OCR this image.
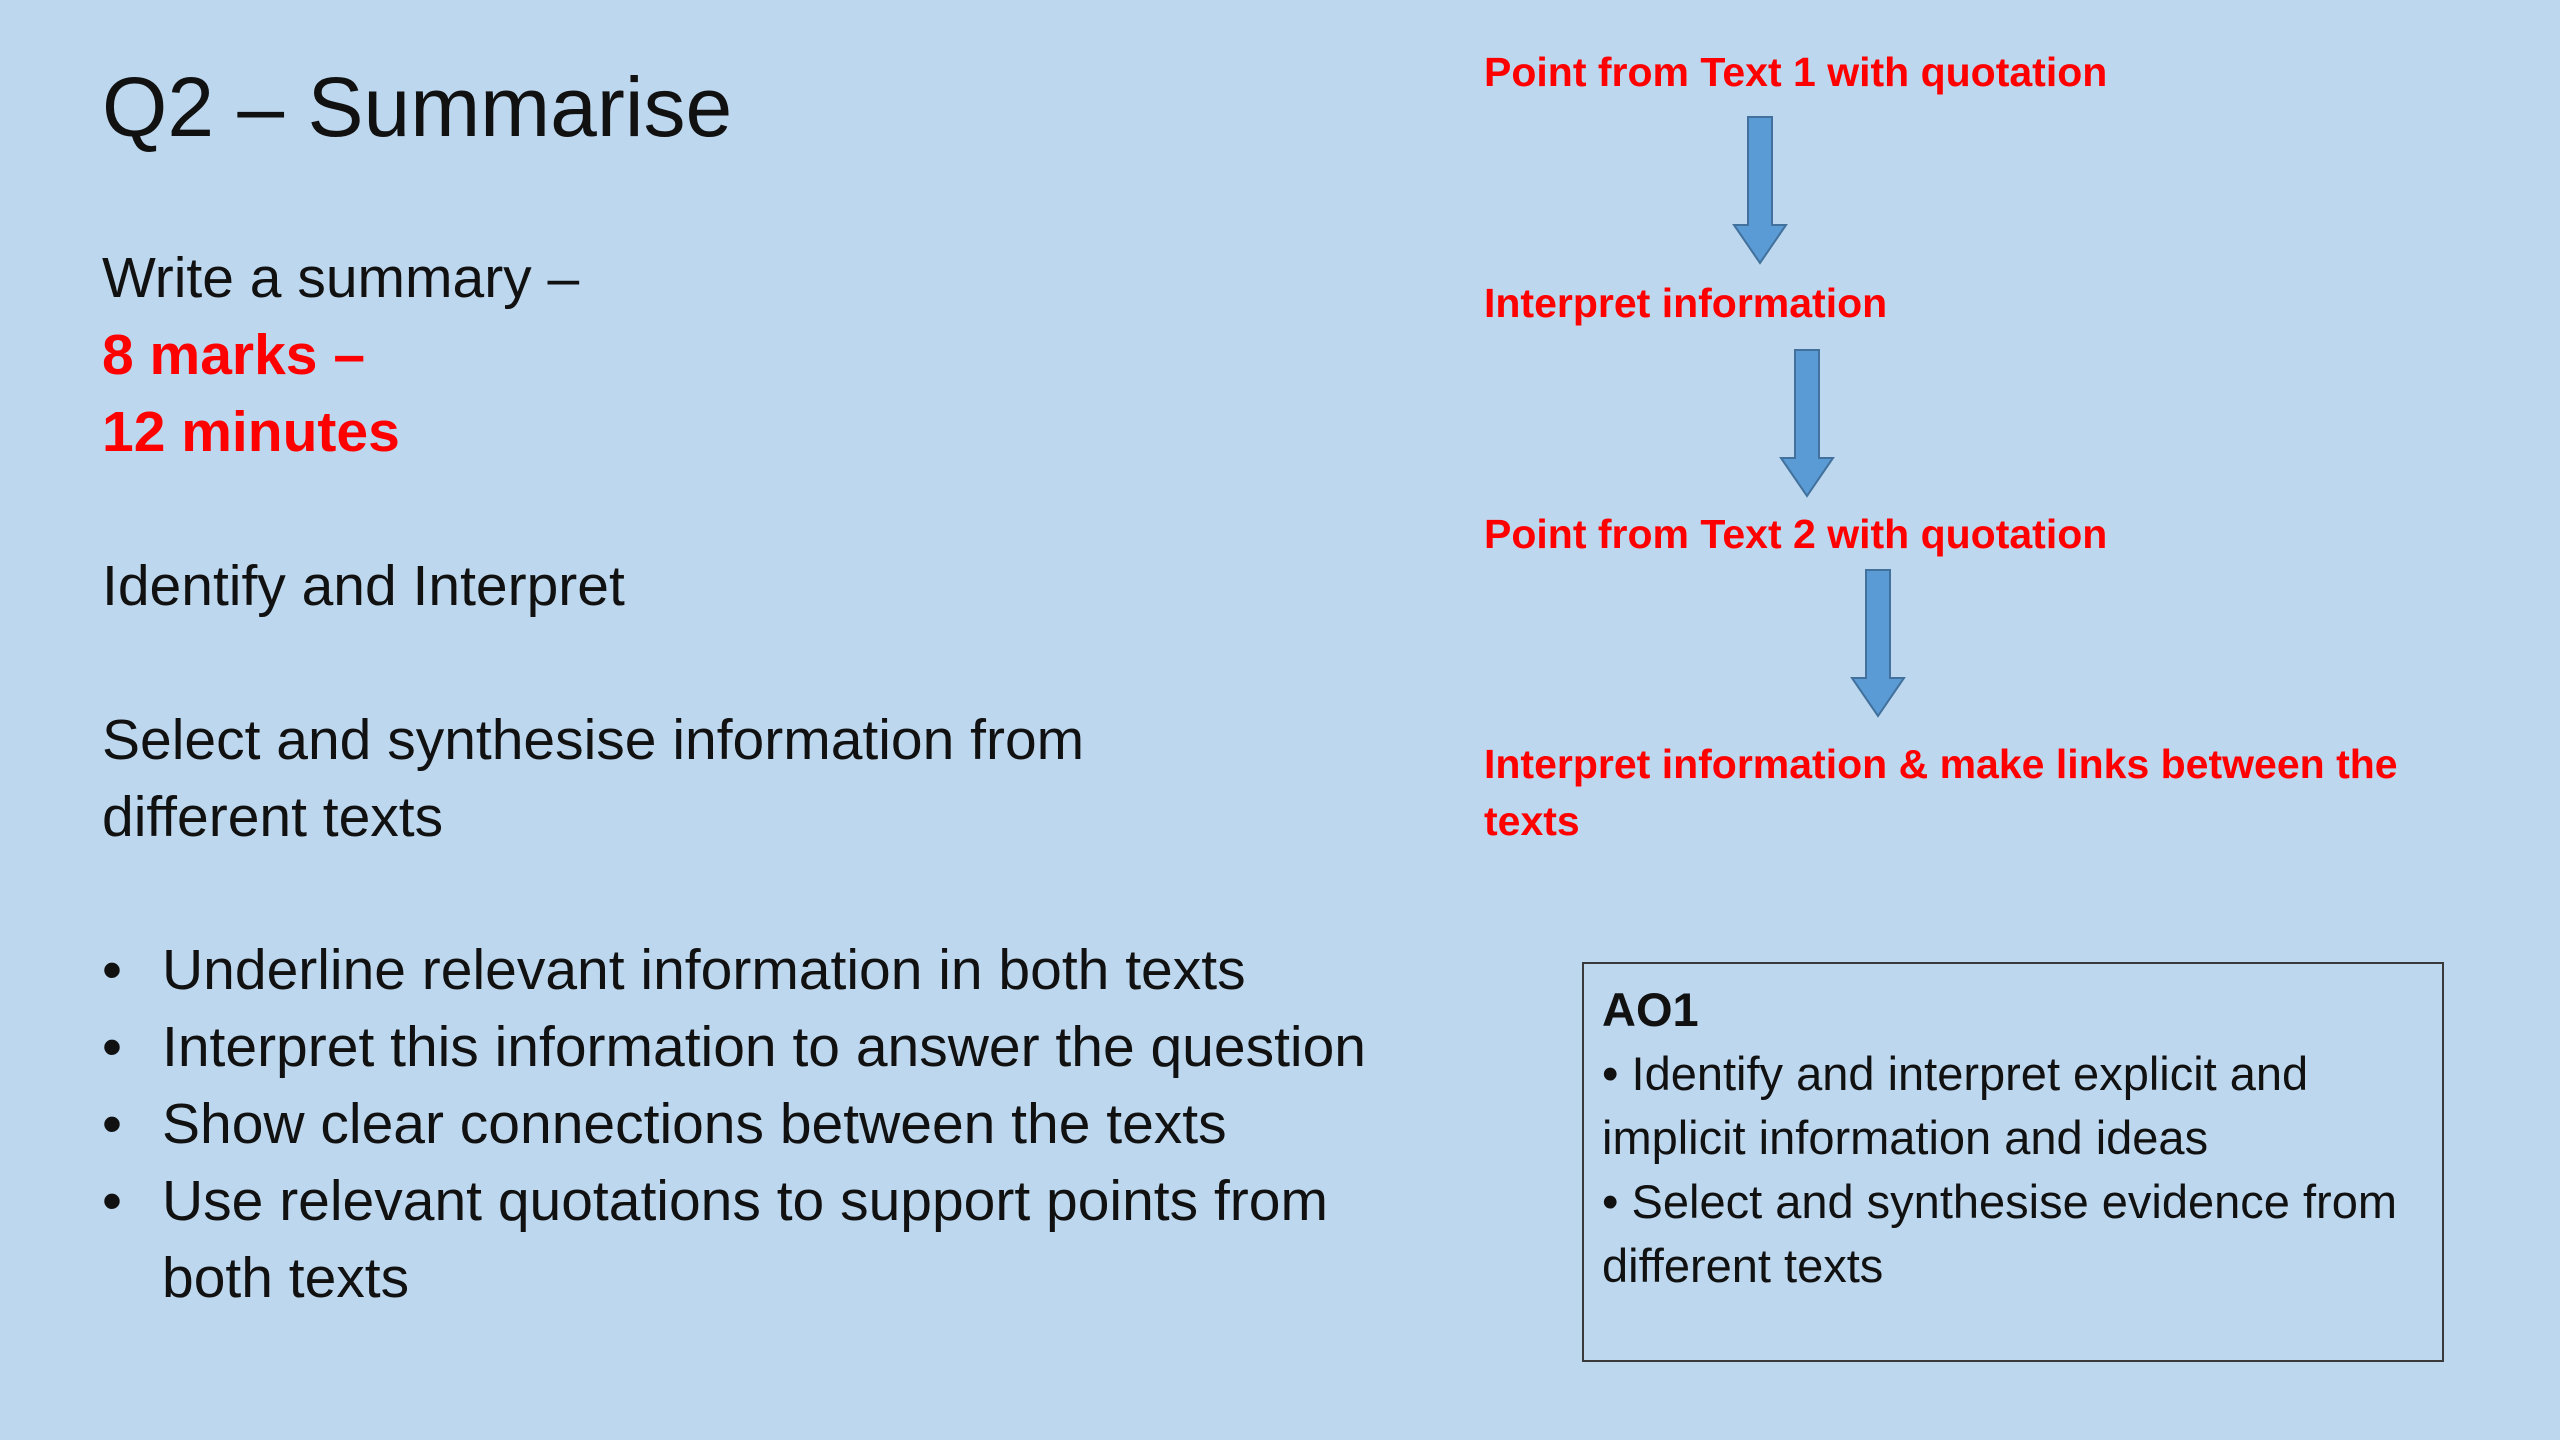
Q2 – Summarise
Write a summary –
8 marks –
12 minutes
Identify and Interpret
Select and synthesise information from different texts
• Underline relevant information in both texts
• Interpret this information to answer the question
• Show clear connections between the texts
• Use relevant quotations to support points from both texts
Point from Text 1 with quotation
Interpret information
Point from Text 2 with quotation
Interpret information & make links between the texts
AO1
• Identify and interpret explicit and implicit information and ideas
• Select and synthesise evidence from different texts
